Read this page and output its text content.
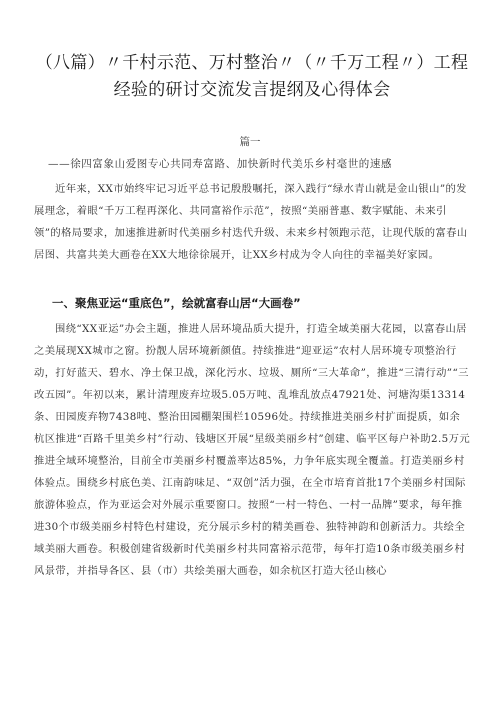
（八篇）〃千村示范、万村整治〃（〃千万工程〃）工程经验的研讨交流发言提纲及心得体会
篇一
——徐四富象山爱图专心共同寿富路、加快新时代美乐乡村毫世的速感

近年来，XX市始终牢记习近平总书记殷殷嘱托，深入践行“绿水青山就是金山银山”的发展理念，着眼“千万工程再深化、共同富裕作示范”，按照“美丽普惠、数字赋能、未来引领”的格局要求，加速推进新时代美丽乡村迭代升级、未来乡村领跑示范，让现代版的富春山居图、共富共美大画卷在XX大地徐徐展开，让XX乡村成为令人向往的幸福美好家园。

一、聚焦亚运“重底色”，绘就富春山居“大画卷”

围绕“XX亚运”办会主题，推进人居环境品质大提升，打造全域美丽大花园，以富春山居之美展现XX城市之窗。扮靓人居环境新颜值。持续推进“迎亚运”农村人居环境专项整治行动，打好蓝天、碧水、净土保卫战，深化污水、垃圾、厕所“三大革命”，推进“三清行动”“三改五园”。年初以来，累计清理废弃垃圾5.05万吨、乱堆乱放点47921处、河塘沟渠13314条、田园废弃物7438吨、整治田园棚架围栏10596处。持续推进美丽乡村扩面提质，如余杭区推进“百路千里美乡村”行动、钱塘区开展“星级美丽乡村”创建、临平区每户补助2.5万元推进全域环境整治，目前全市美丽乡村覆盖率达85%，力争年底实现全覆盖。打造美丽乡村体验点。围绕乡村底色美、江南韵味足、“双创”活力强，在全市培育首批17个美丽乡村国际旅游体验点，作为亚运会对外展示重要窗口。按照“一村一特色、一村一品牌”要求，每年推进30个市级美丽乡村特色村建设，充分展示乡村的精美画卷、独特神韵和创新活力。共绘全域美丽大画卷。积极创建省级新时代美丽乡村共同富裕示范带，每年打造10条市级美丽乡村风景带，并指导各区、县（市）共绘美丽大画卷，如余杭区打造大径山核心
